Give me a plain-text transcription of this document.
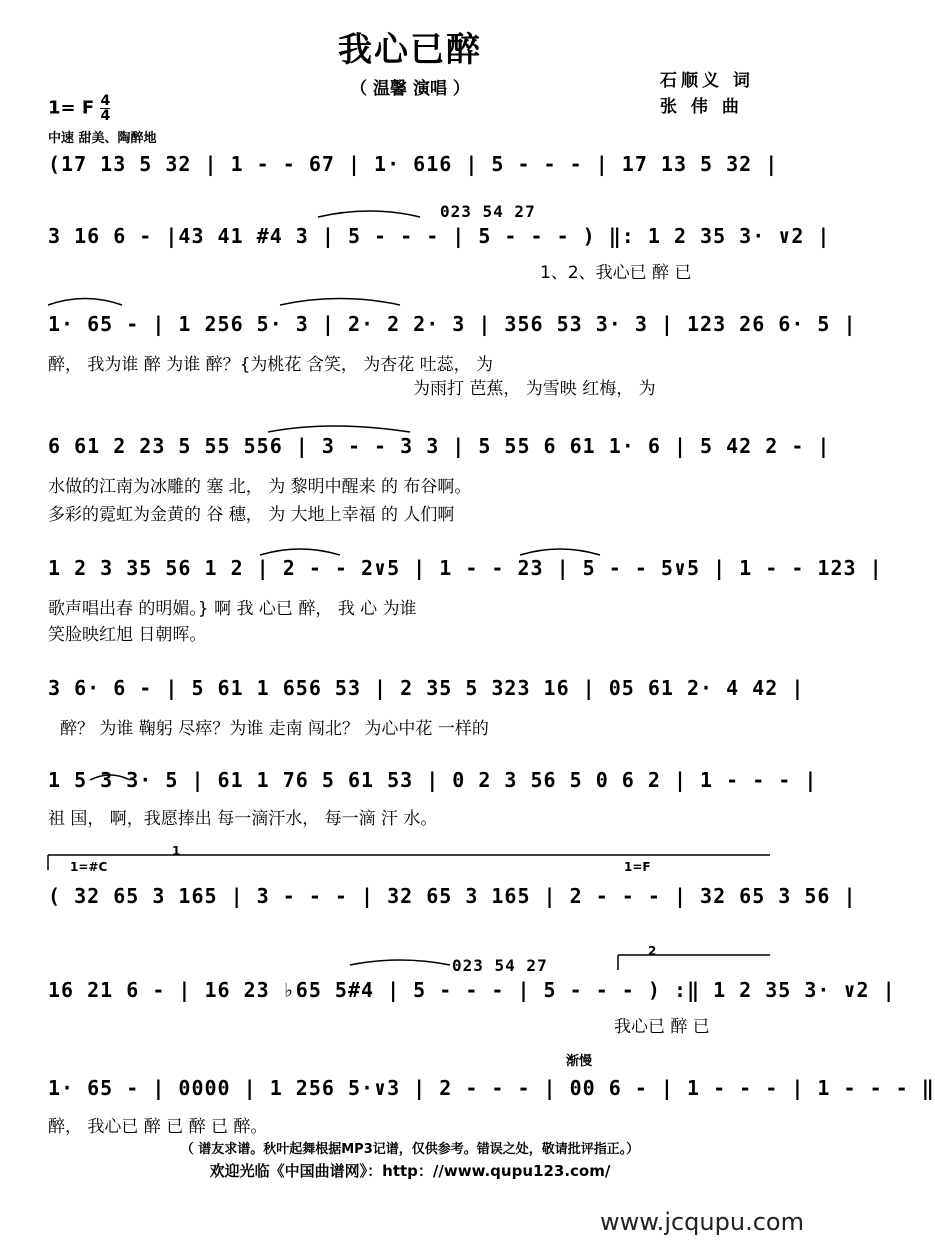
我心已醉
（ 温馨 演唱 ）	石顺义 词
张 伟 曲
1= F $\frac{4}{4}$
中速 甜美、陶醉地
1
2
(17 13 5 32 | 1 - - 67 | 1· 616 | 5 - - - | 17 13 5 32 |
023 54 27
3 16 6 - |43 41 #4 3 | 5 - - - | 5 - - - ) ‖: 1 2 35 3· ∨2 |
1、2、我心已 醉 已
1· 65 - | 1 256 5· 3 | 2· 2 2· 3 | 356 53 3· 3 | 123 26 6· 5 |
醉， 我为谁 醉 为谁 醉？{为桃花 含笑， 为杏花 吐蕊， 为
为雨打 芭蕉， 为雪映 红梅， 为
6 61 2 23 5 55 556 | 3 - - 3 3 | 5 55 6 61 1· 6 | 5 42 2 - |
水做的江南为冰雕的 塞 北， 为 黎明中醒来 的 布谷啊。
多彩的霓虹为金黄的 谷 穗， 为 大地上幸福 的 人们啊
1 2 3 35 56 1 2 | 2 - - 2∨5 | 1 - - 23 | 5 - - 5∨5 | 1 - - 123 |
歌声唱出春 的明媚。} 啊 我 心已 醉， 我 心 为谁
笑脸映红旭 日朝晖。
3 6· 6 - | 5 61 1 656 53 | 2 35 5 323 16 | 05 61 2· 4 42 |
醉？ 为谁 鞠躬 尽瘁？为谁 走南 闯北？ 为心中花 一样的
1 5 3 3· 5 | 61 1 76 5 61 53 | 0 2 3 56 5 0 6 2 | 1 - - - |
祖 国， 啊，我愿捧出 每一滴汗水， 每一滴 汗 水。
1=#C	1=F
( 32 65 3 165 | 3 - - - | 32 65 3 165 | 2 - - - | 32 65 3 56 |
023 54 27
16 21 6 - | 16 23 ♭65 5#4 | 5 - - - | 5 - - - ) :‖ 1 2 35 3· ∨2 |
我心已 醉 已
渐慢
1· 65 - | 0000 | 1 256 5·∨3 | 2 - - - | 00 6 - | 1 - - - | 1 - - - ‖
醉， 我心已 醉 已 醉 已 醉。
（ 谱友求谱。秋叶起舞根据MP3记谱，仅供参考。错误之处，敬请批评指正。）
欢迎光临《中国曲谱网》：http：//www.qupu123.com/
www.jcqupu.com
